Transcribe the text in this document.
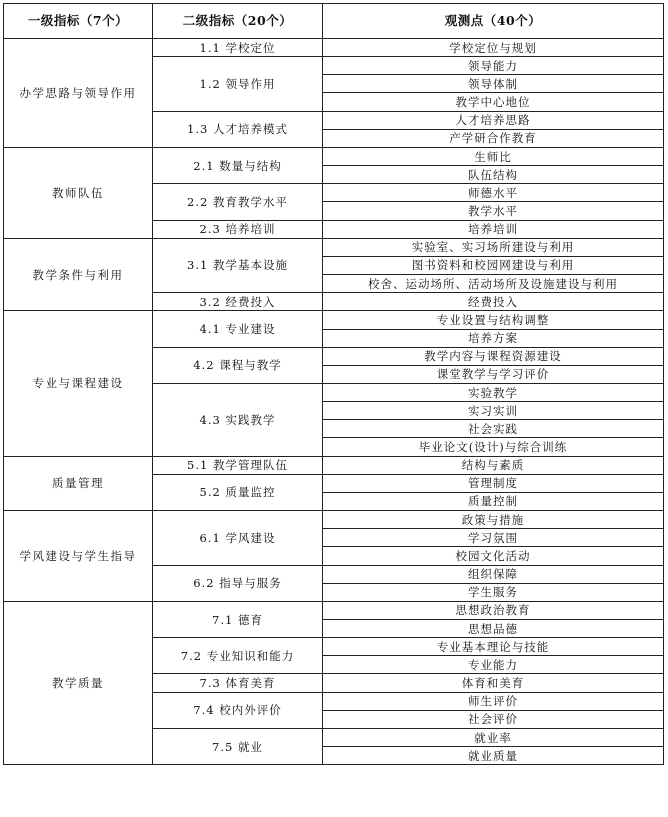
一级指标（7个）	二级指标（20个）	观测点（40个）
办学思路与领导作用	1.1 学校定位	学校定位与规划
	1.2 领导作用	领导能力
		领导体制
		教学中心地位
	1.3 人才培养模式	人才培养思路
		产学研合作教育
教师队伍	2.1 数量与结构	生师比
		队伍结构
	2.2 教育教学水平	师德水平
		教学水平
	2.3 培养培训	培养培训
教学条件与利用	3.1 教学基本设施	实验室、实习场所建设与利用
		图书资料和校园网建设与利用
		校舍、运动场所、活动场所及设施建设与利用
	3.2 经费投入	经费投入
专业与课程建设	4.1 专业建设	专业设置与结构调整
		培养方案
	4.2 课程与教学	教学内容与课程资源建设
		课堂教学与学习评价
	4.3 实践教学	实验教学
		实习实训
		社会实践
		毕业论文(设计)与综合训练
质量管理	5.1 教学管理队伍	结构与素质
	5.2 质量监控	管理制度
		质量控制
学风建设与学生指导	6.1 学风建设	政策与措施
		学习氛围
		校园文化活动
	6.2 指导与服务	组织保障
		学生服务
教学质量	7.1 德育	思想政治教育
		思想品德
	7.2 专业知识和能力	专业基本理论与技能
		专业能力
	7.3 体育美育	体育和美育
	7.4 校内外评价	师生评价
		社会评价
	7.5 就业	就业率
		就业质量
